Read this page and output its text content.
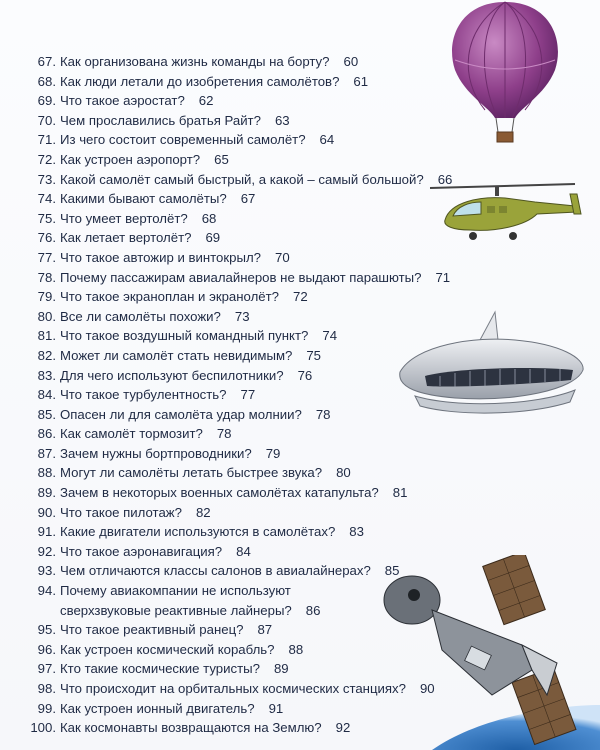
67. Как организована жизнь команды на борту? 60
68. Как люди летали до изобретения самолётов? 61
69. Что такое аэростат? 62
70. Чем прославились братья Райт? 63
71. Из чего состоит современный самолёт? 64
72. Как устроен аэропорт? 65
73. Какой самолёт самый быстрый, а какой – самый большой? 66
74. Какими бывают самолёты? 67
75. Что умеет вертолёт? 68
76. Как летает вертолёт? 69
77. Что такое автожир и винтокрыл? 70
78. Почему пассажирам авиалайнеров не выдают парашюты? 71
79. Что такое экраноплан и экранолёт? 72
80. Все ли самолёты похожи? 73
81. Что такое воздушный командный пункт? 74
82. Может ли самолёт стать невидимым? 75
83. Для чего используют беспилотники? 76
84. Что такое турбулентность? 77
85. Опасен ли для самолёта удар молнии? 78
86. Как самолёт тормозит? 78
87. Зачем нужны бортпроводники? 79
88. Могут ли самолёты летать быстрее звука? 80
89. Зачем в некоторых военных самолётах катапульта? 81
90. Что такое пилотаж? 82
91. Какие двигатели используются в самолётах? 83
92. Что такое аэронавигация? 84
93. Чем отличаются классы салонов в авиалайнерах? 85
94. Почему авиакомпании не используют сверхзвуковые реактивные лайнеры? 86
95. Что такое реактивный ранец? 87
96. Как устроен космический корабль? 88
97. Кто такие космические туристы? 89
98. Что происходит на орбитальных космических станциях? 90
99. Как устроен ионный двигатель? 91
100. Как космонавты возвращаются на Землю? 92
